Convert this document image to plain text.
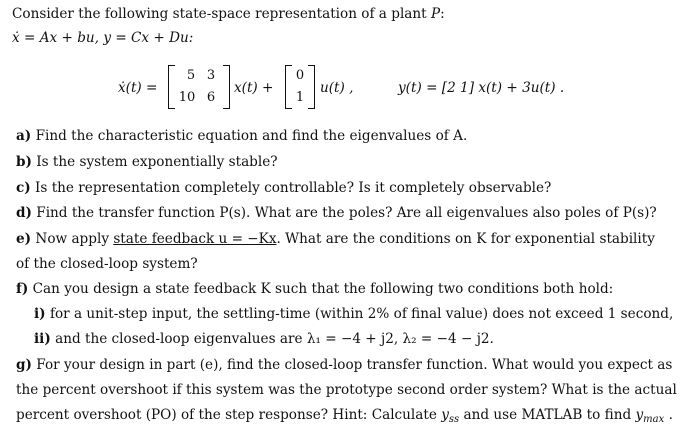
Consider the following state-space representation of a plant P:
ẋ = Ax + bu, y = Cx + Du:
ẋ(t) =
5 3
10 6
x(t) +
0
1
u(t) ,	y(t) = [2 1] x(t) + 3u(t) .
a) Find the characteristic equation and find the eigenvalues of A.
b) Is the system exponentially stable?
c) Is the representation completely controllable? Is it completely observable?
d) Find the transfer function P(s). What are the poles? Are all eigenvalues also poles of P(s)?
e) Now apply state feedback u = −Kx. What are the conditions on K for exponential stability
of the closed-loop system?
f) Can you design a state feedback K such that the following two conditions both hold:
i) for a unit-step input, the settling-time (within 2% of final value) does not exceed 1 second,
ii) and the closed-loop eigenvalues are λ₁ = −4 + j2, λ₂ = −4 − j2.
g) For your design in part (e), find the closed-loop transfer function. What would you expect as
the percent overshoot if this system was the prototype second order system? What is the actual
percent overshoot (PO) of the step response? Hint: Calculate $y_{ss}$ and use MATLAB to find $y_{max}$ .
